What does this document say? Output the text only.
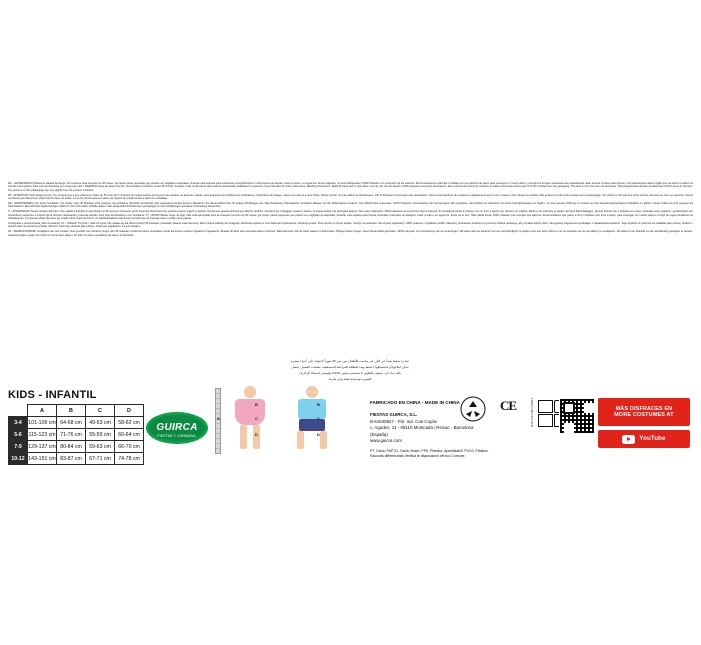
ES - ¡ADVERTENCIA! Mantener alejado del fuego. No conviene para menores de 36 meses, por llevar partes pequeñas que pueden ser tragadas o aspiradas. Guardar esta etiqueta para posteriores comprobaciones. Instrucciones de lavado: Lavar a mano y en agua fría. Secar colgando, no usar blanqueador. 100% Poliéster con excepción de los adornos. Recomendaciones planchar el debajo con una plancha de vapor para conseguir un mejor efecto y corregir las arrugas resultantes del empaquetado. Este artículo no lleva pack diverse. Los packs/tutores deben vigilar que los niños no utilicen el artículo como pijama. Éste solo demostrativa (no excluyente). ES - WARNING! Keep far away from fire. Not suitable for children under 36 months, because it has small pieces that could be accidentally swallowed or sucked in. Keep this label for future references. Washing instructions: Wash by hand and in cold water. Line dry. Do not use bleach. 100% polyester except the decorations. We recommend ironing the costume to make it look better and to get rid of the wrinkles from the packaging. This item is not to be worn as sleepwear. Parents/guardians should not allow their child to sleep in this item. The pictures on this packaging may vary slightly from the product enclosed.

FR - ATTENTION! Tenir éloigné du feu. Ne convient pas à des enfants de moins de 36 mois car il comporte de petites parties qui peuvent être avalées ou aspirées. Garder cette étiquette pour d'ultérieures vérifications. Instructions de lavage : Laver à la main et à l'eau froide. Sécher pendu. Ne pas utiliser de blanchisseur. 100 % Polyester à l'exception des décorations. Nous recommandons de repasser le déguisement avec un fer à vapeur, pour obtenir un meilleur effet et lisser les plis créés pendant son empaquetage. Cet article ne doit pas être porté comme vêtement de nuit. Les parents / tuteurs ne doivent pas laisser leur enfant dormir dans cet article. Là ou les photos peuvent varier par rapport au produit contenu dans cet emballage.

DE - WARNHINWEIS! Von Feuer fernhalten. Für Kinder unter 36 Monaten nicht geeignet, da enthaltene Kleinteile verschluckt oder eingeatmet werden können. Bewahren Sie dieses Etikett bitte für spätere Rückfragen auf. Waschanleitung: Handwäsche mit kaltem Wasser. Auf der Wäscheleine trocknen. Kein Bleichmittel verwenden. 100% Polyester mit Ausnahme der Verzierungen. Wir empfehlen, das Kostüm vor Gebrauch mit einem Dampfbügeleisen zu bügeln, um eine bessere Wirkung zu erzielen und die Verpackungsbedingten Knickfalten zu glätten. Dieser Artikel ist nicht geeignet als Nachtwäsche. Eltern/Erziehungsberechtigte sollten ihr Kind nicht darin schlafen lassen. Das dargestellte Produkt kann geringfügig von dem Abbildungen auf dieser Verpackung abweichen.

IT - AVVERTENZA! Tenere lontano dal fuoco. Non adatto a bambini di età inferiore ai 36 mesi per contenere pezzi di piccole dimensioni che possono essere ingeriti o aspirati. Conservare questa etichetta per ulteriori verifiche. Istruzioni per il lavaggio: Lavare a mano e in acqua fredda. Far asciugare appeso. Non usare sbiancanti. 100% poliestere ad eccezione degli ornamenti. Si consiglia di stirare il costume con un ferro a vapore per ottenere un migliore effetto e per eliminare le pieghe derivanti dall'imballaggio. Questo articolo non è indicato per essere indossato come pigiama. I genitori/tutori non dovrebbero consentire a proprio figli di dormire indossando il presente articolo. Foto solo dimostrativa e non vincolante. PT - AVISO! Manter longe do fogo. Não está apropriado para as crianças menores de 36 meses, por conter partes pequenas que podem ser engolidas ou aspiradas. Guardar esta etiqueta para futuras consultas. Instruções de lavagem: Lavar à mão e em água fria. Secar ao ar livre. Não utilizar lixívia. 100% poliéster com exceção dos adornos. Recomendamos que passe a ferro o disfarce com ferro a vapor, para conseguir um melhor efeito e corrigir as rugas resultantes do embalamento. O presente artigo não deve ser usado como roupa de dormir. Os pais/educadores não devem permitir que as crianças usem o artigo como pijama.

A fotografia é demonstrativa (não vinculativa). PL - UWAGA! Trzymać z dala od ognia. Nie nadaje się dla dzieci poniżej 36 miesiąca, ponieważ zawiera małe elementy, które można połknąć lub wciągnąć. Zachowaj etykietę w celu dalszego użytkowania. Instrukcja prania: Prać ręcznie w zimnej wodzie. Suszyć na wieszaku. Nie używać wybielaczy. 100% poliester z wyjątkiem ozdób. Zalecamy prasowanie kostiumu za pomocą żelazka parowego, aby uzyskać lepszy efekt i skorygować zagniecenia wynikające z zapakowania kostiumu. Tego artykułu nie powinno się zakładać jako piżamę. Rodzice i opiekunowie nie powinni pozwalać dzieciom nosić tego artykułu jako piżamę. Fotka jest poglądowa, nie jest wiążąca.

NL - WAARSCHUWING! Verwijderd van vuur houden. Niet geschikt voor kinderen jonger dan 36 maanden omdat het kleine onderdelen bevat die kunnen worden ingeslikt of ingeademd. Bewaar dit label voor eventuele latere controles. Wasinstructies: Met de hand wassen in koud water. Hangend laten drogen. Geen bleekmiddel gebruiken. 100% polyester met uitzondering van de versieringen. Wij raden aan het kostuum met een stoomstrijkijzer te strijken voor een beter effect en om de kreukels van de verpakking te verwijderen. Dit artikel is niet bedoeld om als nachtkleding gedragen te worden. Ouders/voogden mogen hun kind niet hierin laten slapen. De foto's op deze verpakking zijn alleen ter illustratie.

تحذير! يحفظ بعيداً عن النار. غير مناسب للأطفال دون سن 36 شهراً لاحتوائه على أجزاء صغيرة

يمكن ابتلاعها أو استنشاقها. احتفظ بهذه البطاقة للمراجعة المستقبلية. تعليمات الغسيل: يغسل

باليد بماء بارد. يجفف بالتعليق. لا تستخدم مبيض. 100% بوليستر باستثناء الزخارف

الصورة توضيحية فقط وغير ملزمة

KIDS - INFANTIL
	A	B	C	D
3-4	101-109 cm	64-68 cm	49-53 cm	58-62 cm
5-6	115-123 cm	71-76 cm	55-59 cm	60-64 cm
7-9	129-137 cm	80-84 cm	59-63 cm	66-70 cm
10-12	143-151 cm	83-87 cm	67-71 cm	74-78 cm
GUIRCA
FIESTAS Y CARNAVAL
B
C
D
A
B
C
D
FABRICADO EN CHINA - MADE IN CHINA
FIESTAS GUIRCA, S.L.
B-61640827 - Pol. Ind. Can Cuyàs
c. Agudes, 14 - 08110 Montcada i Reixac - Barcelona (España)
www.guirca.com
PT. Carta: PAP 21, Carta; Bustó: PP6, Plastica. Aperdatabili: PVC0, Plastics. Raccolta differenziata Verifica le disposizioni del tuo Comune.
CE	100% POLYESTER	MÁS DISFRACES EN
MORE COSTUMES AT
YouTube
